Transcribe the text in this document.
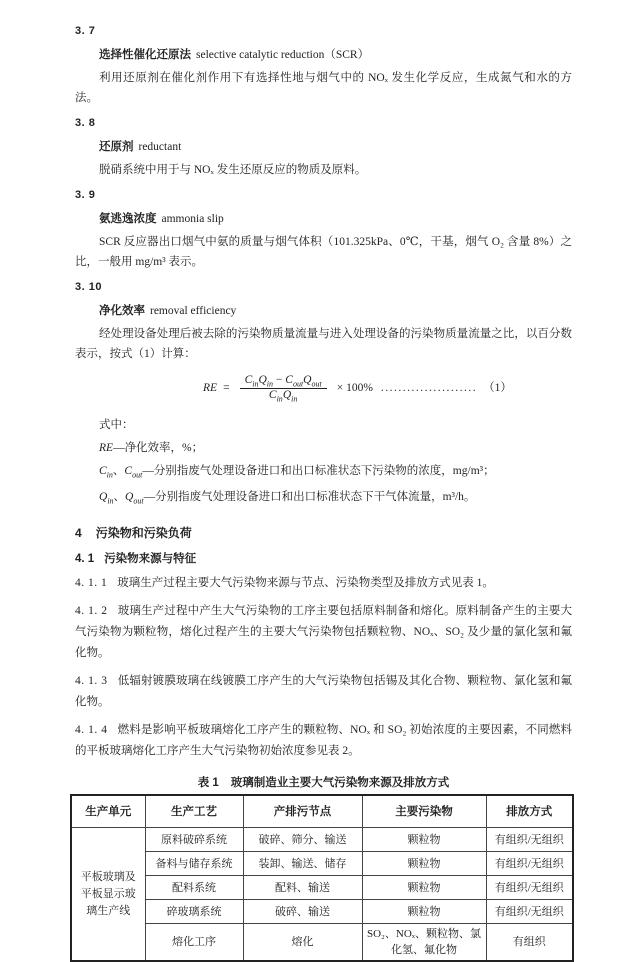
3. 7
选择性催化还原法 selective catalytic reduction（SCR）

利用还原剂在催化剂作用下有选择性地与烟气中的 NOₓ 发生化学反应，生成氮气和水的方法。

3. 8
还原剂 reductant

脱硝系统中用于与 NOₓ 发生还原反应的物质及原料。

3. 9
氨逃逸浓度 ammonia slip

SCR 反应器出口烟气中氨的质量与烟气体积（101.325kPa、0℃，干基，烟气 O₂ 含量 8%）之比，一般用 mg/m³ 表示。

3. 10
净化效率 removal efficiency

经处理设备处理后被去除的污染物质量流量与进入处理设备的污染物质量流量之比，以百分数表示，按式（1）计算：

RE = $\frac{C_{in}Q_{in} - C_{out}Q_{out}}{C_{in}Q_{in}} \times 100\%$ ...................... （1）

式中：

RE—净化效率，%；

$C_{in}$、$C_{out}—$分别指废气处理设备进口和出口标准状态下污染物的浓度，mg/m³；

$Q_{in}$、$Q_{out}—$分别指废气处理设备进口和出口标准状态下干气体流量，m³/h。

4 污染物和污染负荷
4. 1 污染物来源与特征

4. 1. 1 玻璃生产过程主要大气污染物来源与节点、污染物类型及排放方式见表 1。

4. 1. 2 玻璃生产过程中产生大气污染物的工序主要包括原料制备和熔化。原料制备产生的主要大气污染物为颗粒物，熔化过程产生的主要大气污染物包括颗粒物、NOₓ、SO₂ 及少量的氯化氢和氟化物。

4. 1. 3 低辐射镀膜玻璃在线镀膜工序产生的大气污染物包括锡及其化合物、颗粒物、氯化氢和氟化物。

4. 1. 4 燃料是影响平板玻璃熔化工序产生的颗粒物、NOₓ 和 SO₂ 初始浓度的主要因素，不同燃料的平板玻璃熔化工序产生大气污染物初始浓度参见表 2。

表 1 玻璃制造业主要大气污染物来源及排放方式
生产单元	生产工艺	产排污节点	主要污染物	排放方式
平板玻璃及平板显示玻璃生产线	原料破碎系统	破碎、筛分、输送	颗粒物	有组织/无组织
	备料与储存系统	装卸、输送、储存	颗粒物	有组织/无组织
	配料系统	配料、输送	颗粒物	有组织/无组织
	碎玻璃系统	破碎、输送	颗粒物	有组织/无组织
	熔化工序	熔化	SO₂、NOₓ、颗粒物、氯化氢、氟化物	有组织
